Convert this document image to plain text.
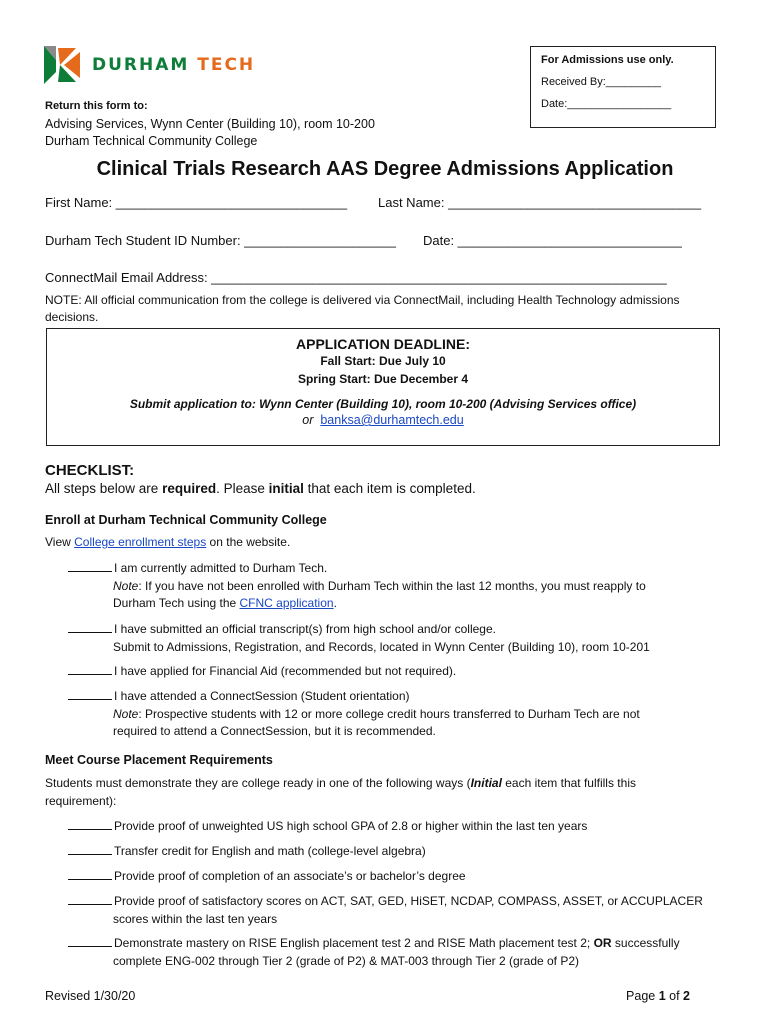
DURHAM TECH	For Admissions use only.
Received By:_________
Date:_________________
Return this form to:
Advising Services, Wynn Center (Building 10), room 10-200
Durham Technical Community College
Clinical Trials Research AAS Degree Admissions Application
First Name: ________________________________ Last Name: ___________________________________
Durham Tech Student ID Number: _____________________ Date: _______________________________
ConnectMail Email Address: _______________________________________________________________
NOTE: All official communication from the college is delivered via ConnectMail, including Health Technology admissions decisions.
APPLICATION DEADLINE:
Fall Start: Due July 10
Spring Start: Due December 4
Submit application to: Wynn Center (Building 10), room 10-200 (Advising Services office)
or banksa@durhamtech.edu
CHECKLIST:
All steps below are required. Please initial that each item is completed.
Enroll at Durham Technical Community College
View College enrollment steps on the website.
I am currently admitted to Durham Tech.
Note: If you have not been enrolled with Durham Tech within the last 12 months, you must reapply to
Durham Tech using the CFNC application.
I have submitted an official transcript(s) from high school and/or college.
Submit to Admissions, Registration, and Records, located in Wynn Center (Building 10), room 10-201
I have applied for Financial Aid (recommended but not required).
I have attended a ConnectSession (Student orientation)
Note: Prospective students with 12 or more college credit hours transferred to Durham Tech are not
required to attend a ConnectSession, but it is recommended.
Meet Course Placement Requirements
Students must demonstrate they are college ready in one of the following ways (Initial each item that fulfills this
requirement):
Provide proof of unweighted US high school GPA of 2.8 or higher within the last ten years
Transfer credit for English and math (college-level algebra)
Provide proof of completion of an associate’s or bachelor’s degree
Provide proof of satisfactory scores on ACT, SAT, GED, HiSET, NCDAP, COMPASS, ASSET, or ACCUPLACER
scores within the last ten years
Demonstrate mastery on RISE English placement test 2 and RISE Math placement test 2; OR successfully
complete ENG-002 through Tier 2 (grade of P2) & MAT-003 through Tier 2 (grade of P2)
Revised 1/30/20	Page 1 of 2
